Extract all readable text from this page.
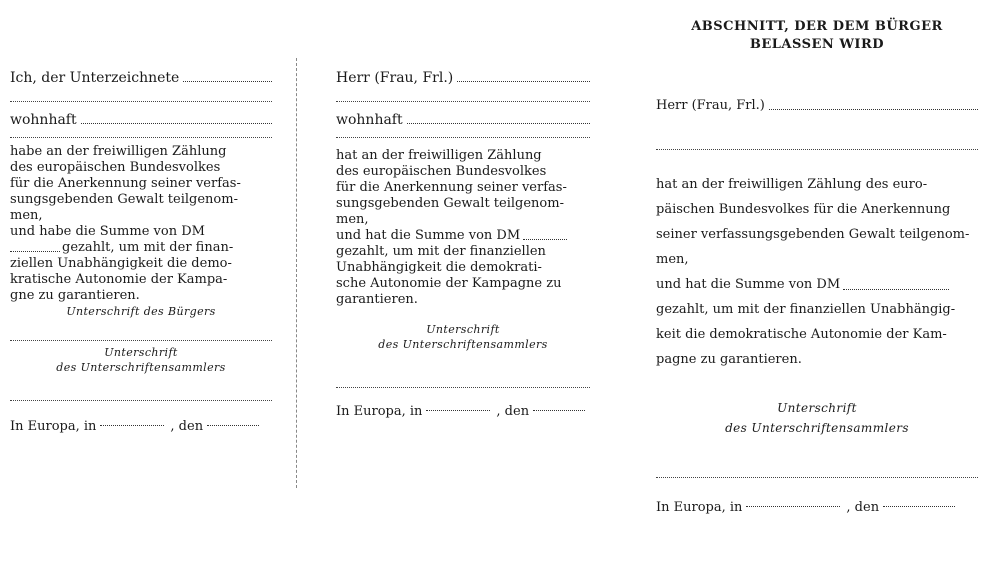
Ich, der Unterzeichnete
wohnhaft
habe an der freiwilligen Zählung
des europäischen Bundesvolkes
für die Anerkennung seiner verfas-
sungsgebenden Gewalt teilgenom-
men,
und habe die Summe von DM
gezahlt, um mit der finan-
ziellen Unabhängigkeit die demo-
kratische Autonomie der Kampa-
gne zu garantieren.
Unterschrift des Bürgers
Unterschrift
des Unterschriftensammlers
In Europa, in	, den
Herr (Frau, Frl.)
wohnhaft
hat an der freiwilligen Zählung
des europäischen Bundesvolkes
für die Anerkennung seiner verfas-
sungsgebenden Gewalt teilgenom-
men,
und hat die Summe von DM
gezahlt, um mit der finanziellen
Unabhängigkeit die demokrati-
sche Autonomie der Kampagne zu
garantieren.
Unterschrift
des Unterschriftensammlers
In Europa, in	, den
ABSCHNITT, DER DEM BÜRGER
BELASSEN WIRD
Herr (Frau, Frl.)
hat an der freiwilligen Zählung des euro-
päischen Bundesvolkes für die Anerkennung
seiner verfassungsgebenden Gewalt teilgenom-
men,
und hat die Summe von DM
gezahlt, um mit der finanziellen Unabhängig-
keit die demokratische Autonomie der Kam-
pagne zu garantieren.
Unterschrift
des Unterschriftensammlers
In Europa, in	, den
